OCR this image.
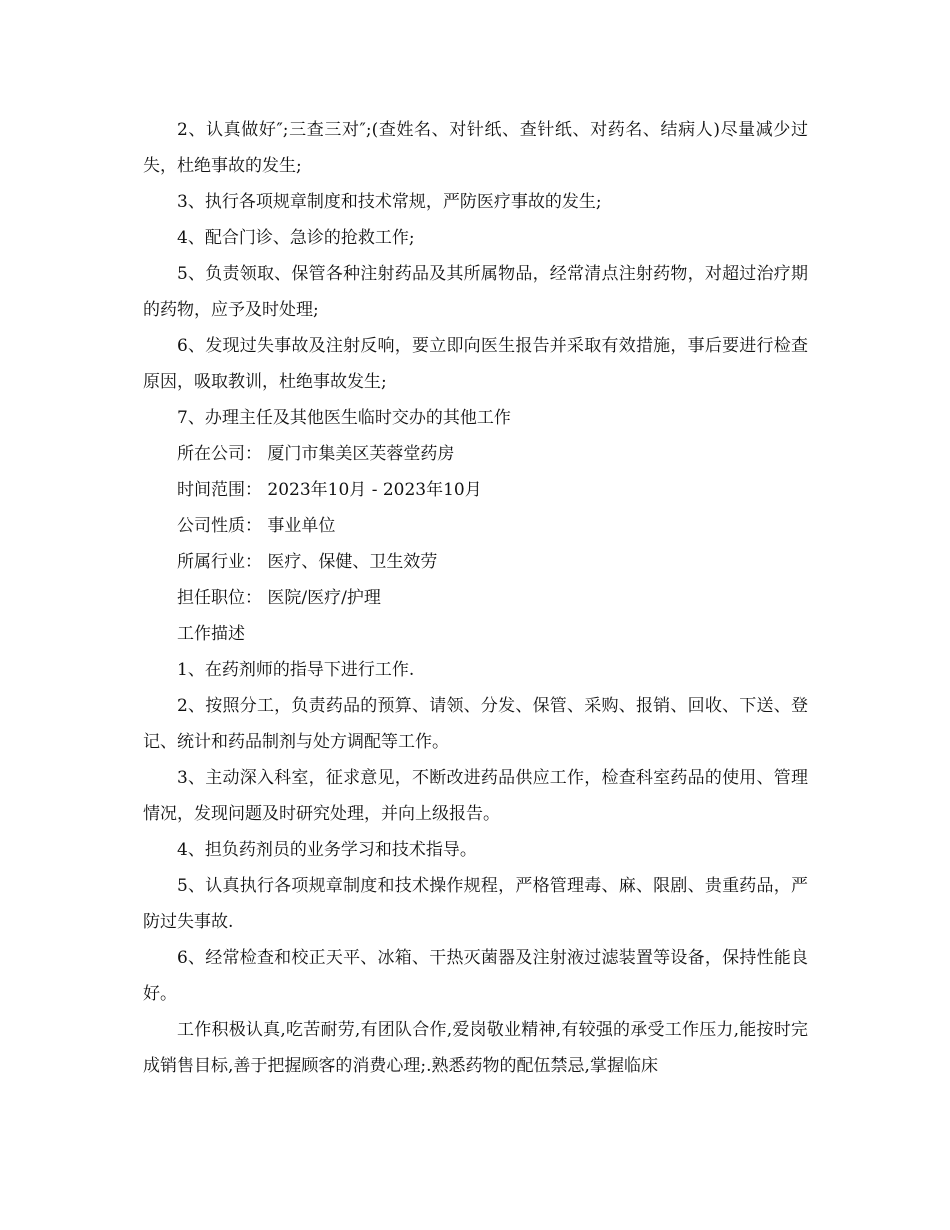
2、认真做好″;三查三对″;(查姓名、对针纸、查针纸、对药名、结病人)尽量减少过失，杜绝事故的发生;

3、执行各项规章制度和技术常规，严防医疗事故的发生;

4、配合门诊、急诊的抢救工作;

5、负责领取、保管各种注射药品及其所属物品，经常清点注射药物，对超过治疗期的药物，应予及时处理;

6、发现过失事故及注射反响，要立即向医生报告并采取有效措施，事后要进行检查原因，吸取教训，杜绝事故发生;

7、办理主任及其他医生临时交办的其他工作

所在公司： 厦门市集美区芙蓉堂药房

时间范围： 2023年10月 - 2023年10月

公司性质： 事业单位

所属行业： 医疗、保健、卫生效劳

担任职位： 医院/医疗/护理

工作描述

1、在药剂师的指导下进行工作.

2、按照分工，负责药品的预算、请领、分发、保管、采购、报销、回收、下送、登记、统计和药品制剂与处方调配等工作。

3、主动深入科室，征求意见，不断改进药品供应工作，检查科室药品的使用、管理情况，发现问题及时研究处理，并向上级报告。

4、担负药剂员的业务学习和技术指导。

5、认真执行各项规章制度和技术操作规程，严格管理毒、麻、限剧、贵重药品，严防过失事故.

6、经常检查和校正天平、冰箱、干热灭菌器及注射液过滤装置等设备，保持性能良好。

工作积极认真,吃苦耐劳,有团队合作,爱岗敬业精神,有较强的承受工作压力,能按时完成销售目标,善于把握顾客的消费心理;.熟悉药物的配伍禁忌,掌握临床
